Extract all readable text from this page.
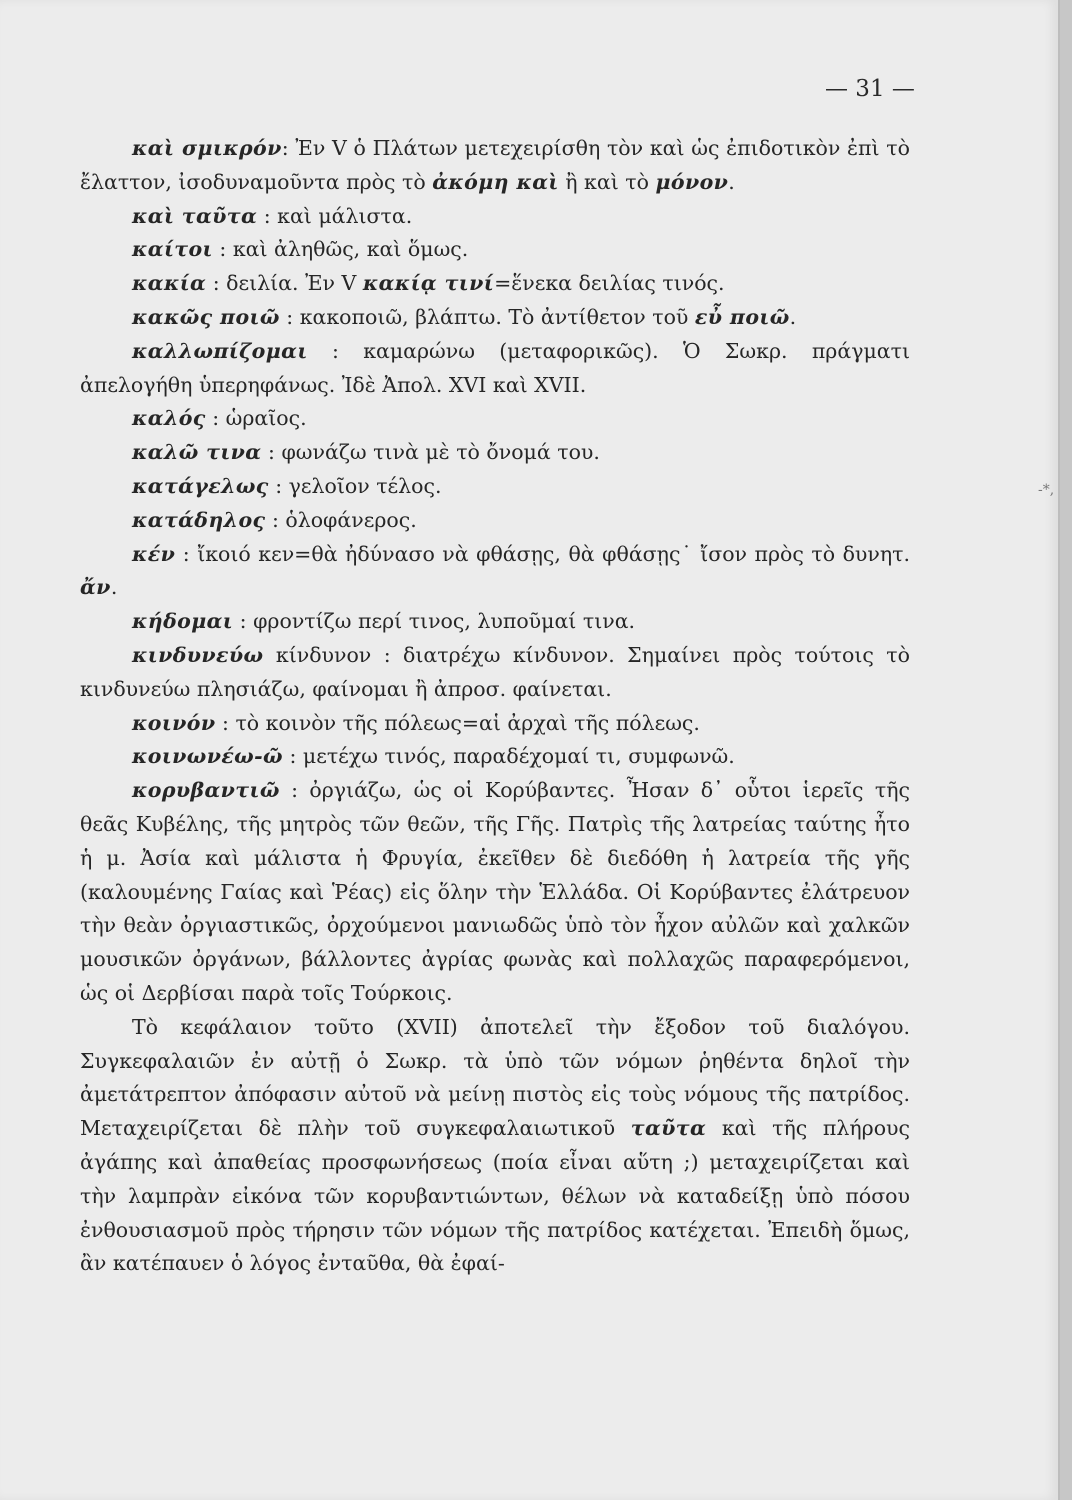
— 31 —

καὶ σμικρόν: Ἐν V ὁ Πλάτων μετεχειρίσθη τὸν καὶ ὡς ἐπιδοτικὸν ἐπὶ τὸ ἔλαττον, ἰσοδυναμοῦντα πρὸς τὸ ἀκόμη καὶ ἢ καὶ τὸ μόνον.

καὶ ταῦτα : καὶ μάλιστα.

καίτοι : καὶ ἀληθῶς, καὶ ὅμως.

κακία : δειλία. Ἐν V κακίᾳ τινί=ἕνεκα δειλίας τινός.

κακῶς ποιῶ : κακοποιῶ, βλάπτω. Τὸ ἀντίθετον τοῦ εὖ ποιῶ.

καλλωπίζομαι : καμαρώνω (μεταφορικῶς). Ὁ Σωκρ. πράγματι ἀπελογήθη ὑπερηφάνως. Ἰδὲ Ἀπολ. XVI καὶ XVII.

καλός : ὡραῖος.

καλῶ τινα : φωνάζω τινὰ μὲ τὸ ὄνομά του.

κατάγελως : γελοῖον τέλος.

κατάδηλος : ὁλοφάνερος.

κέν : ἴκοιό κεν=θὰ ἠδύνασο νὰ φθάσῃς, θὰ φθάσῃς˙ ἴσον πρὸς τὸ δυνητ. ἄν.

κήδομαι : φροντίζω περί τινος, λυποῦμαί τινα.

κινδυνεύω κίνδυνον : διατρέχω κίνδυνον. Σημαίνει πρὸς τούτοις τὸ κινδυνεύω πλησιάζω, φαίνομαι ἢ ἀπροσ. φαίνεται.

κοινόν : τὸ κοινὸν τῆς πόλεως=αἱ ἀρχαὶ τῆς πόλεως.

κοινωνέω-ῶ : μετέχω τινός, παραδέχομαί τι, συμφωνῶ.

κορυβαντιῶ : ὀργιάζω, ὡς οἱ Κορύβαντες. Ἦσαν δ᾽ οὗτοι ἱερεῖς τῆς θεᾶς Κυβέλης, τῆς μητρὸς τῶν θεῶν, τῆς Γῆς. Πατρὶς τῆς λατρείας ταύτης ἦτο ἡ μ. Ἀσία καὶ μάλιστα ἡ Φρυγία, ἐκεῖθεν δὲ διεδόθη ἡ λατρεία τῆς γῆς (καλουμένης Γαίας καὶ Ῥέας) εἰς ὅλην τὴν Ἑλλάδα. Οἱ Κορύβαντες ἐλάτρευον τὴν θεὰν ὀργιαστικῶς, ὀρχούμενοι μανιωδῶς ὑπὸ τὸν ἦχον αὐλῶν καὶ χαλκῶν μουσικῶν ὀργάνων, βάλλοντες ἀγρίας φωνὰς καὶ πολλαχῶς παραφερόμενοι, ὡς οἱ Δερβίσαι παρὰ τοῖς Τούρκοις.

Τὸ κεφάλαιον τοῦτο (XVII) ἀποτελεῖ τὴν ἔξοδον τοῦ διαλόγου. Συγκεφαλαιῶν ἐν αὐτῇ ὁ Σωκρ. τὰ ὑπὸ τῶν νόμων ῥηθέντα δηλοῖ τὴν ἀμετάτρεπτον ἀπόφασιν αὐτοῦ νὰ μείνῃ πιστὸς εἰς τοὺς νόμους τῆς πατρίδος. Μεταχειρίζεται δὲ πλὴν τοῦ συγκεφαλαιωτικοῦ ταῦτα καὶ τῆς πλήρους ἀγάπης καὶ ἀπαθείας προσφωνήσεως (ποία εἶναι αὕτη ;) μεταχειρίζεται καὶ τὴν λαμπρὰν εἰκόνα τῶν κορυβαντιώντων, θέλων νὰ καταδείξῃ ὑπὸ πόσου ἐνθουσιασμοῦ πρὸς τήρησιν τῶν νόμων τῆς πατρίδος κατέχεται. Ἐπειδὴ ὅμως, ἂν κατέπαυεν ὁ λόγος ἐνταῦθα, θὰ ἐφαί-

-*,
